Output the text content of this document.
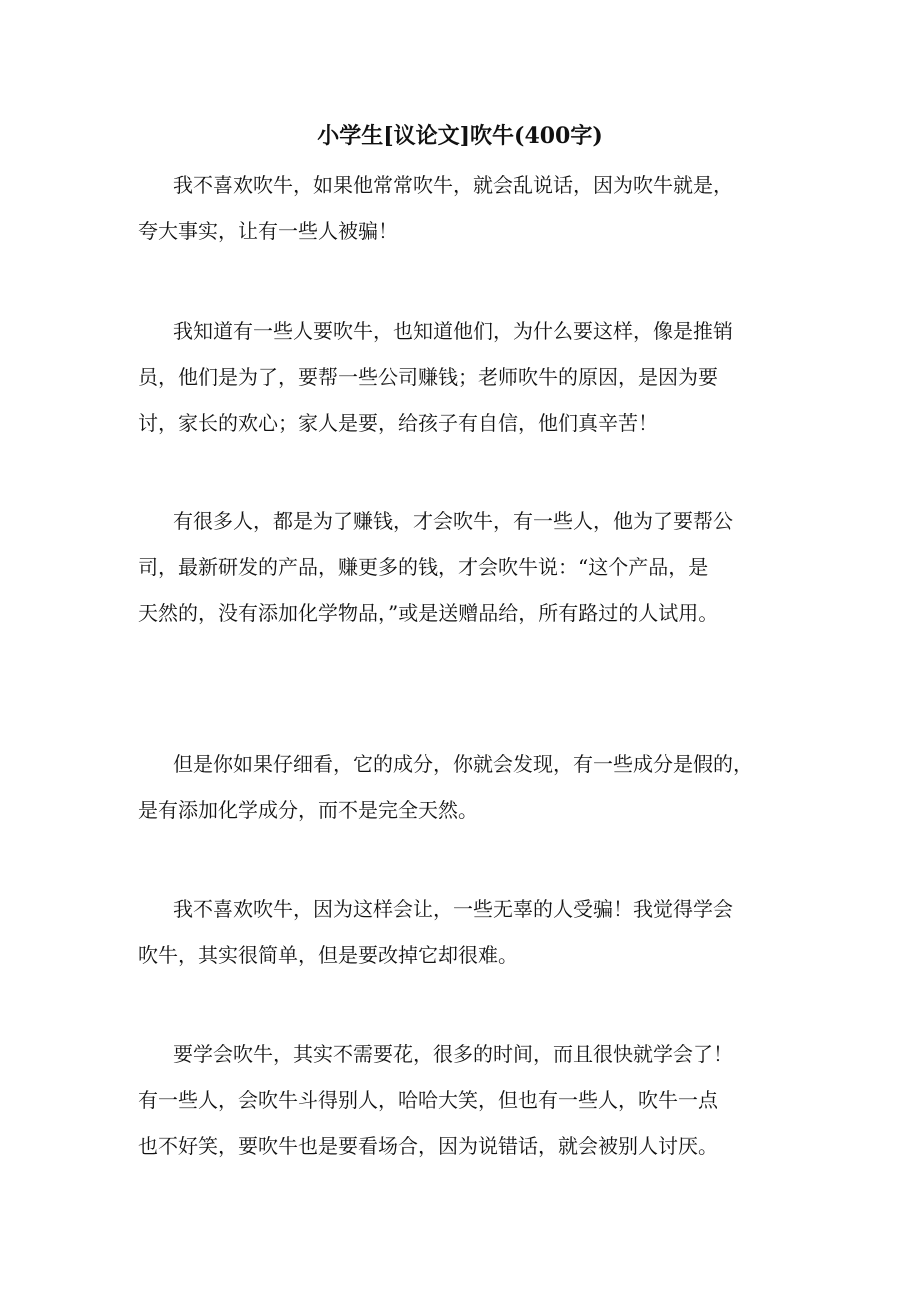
小学生[议论文]吹牛(400字)
我不喜欢吹牛，如果他常常吹牛，就会乱说话，因为吹牛就是，
夸大事实，让有一些人被骗！
我知道有一些人要吹牛，也知道他们，为什么要这样，像是推销
员，他们是为了，要帮一些公司赚钱；老师吹牛的原因，是因为要
讨，家长的欢心；家人是要，给孩子有自信，他们真辛苦！
有很多人，都是为了赚钱，才会吹牛，有一些人，他为了要帮公
司，最新研发的产品，赚更多的钱，才会吹牛说：“这个产品，是
天然的，没有添加化学物品，”或是送赠品给，所有路过的人试用。
但是你如果仔细看，它的成分，你就会发现，有一些成分是假的，
是有添加化学成分，而不是完全天然。
我不喜欢吹牛，因为这样会让，一些无辜的人受骗！我觉得学会
吹牛，其实很简单，但是要改掉它却很难。
要学会吹牛，其实不需要花，很多的时间，而且很快就学会了！
有一些人，会吹牛斗得别人，哈哈大笑，但也有一些人，吹牛一点
也不好笑，要吹牛也是要看场合，因为说错话，就会被别人讨厌。
